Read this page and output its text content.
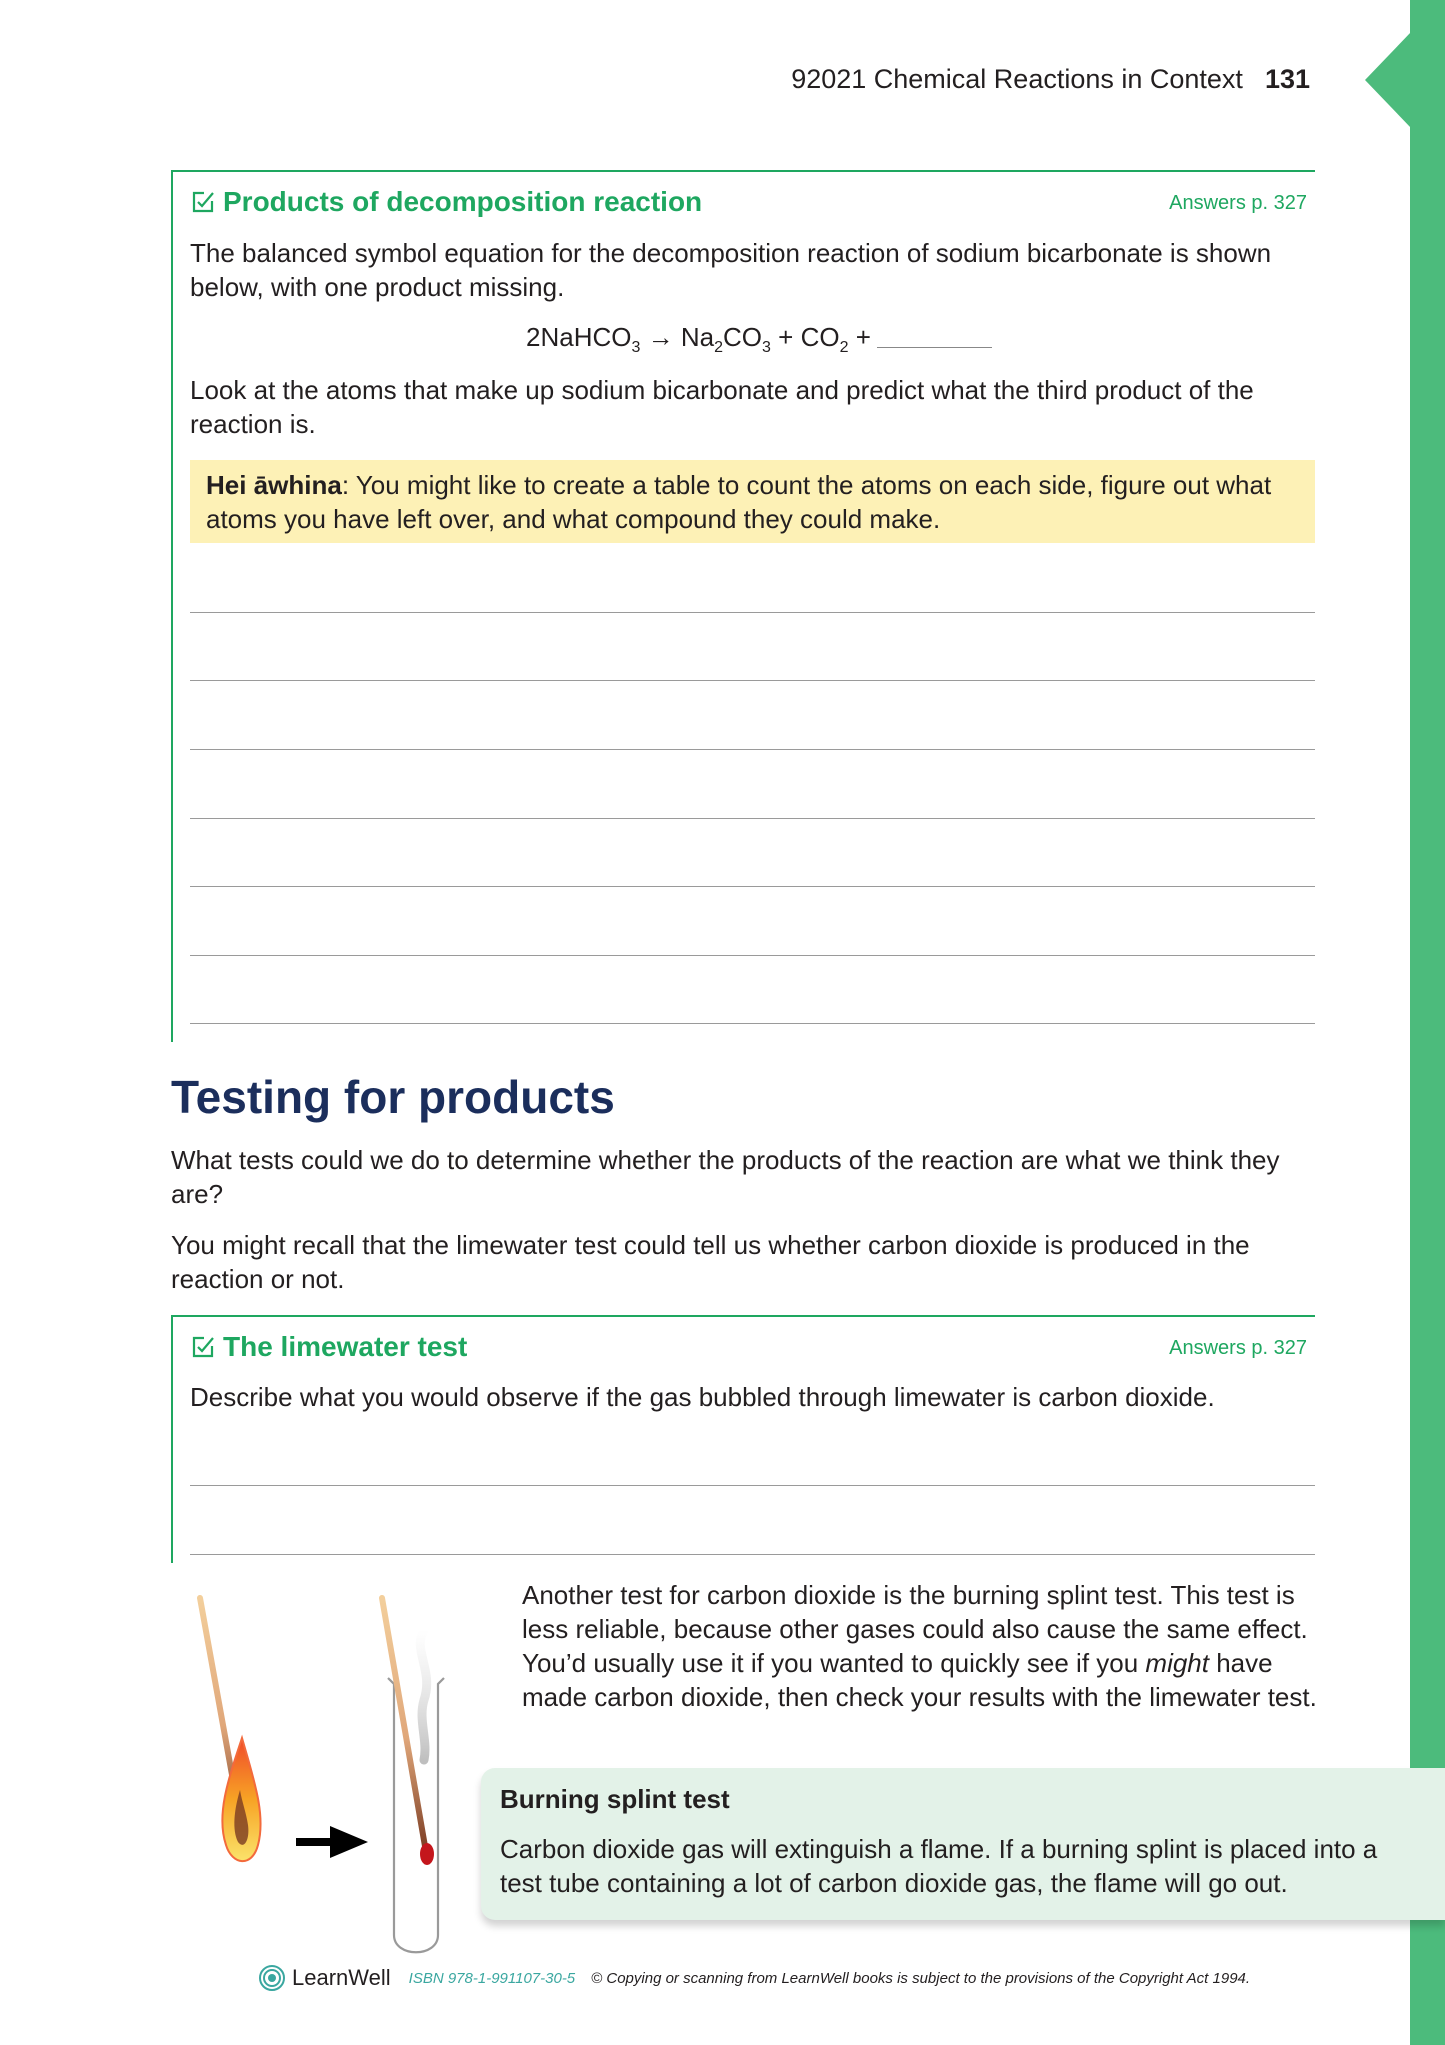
92021 Chemical Reactions in Context 131
Products of decomposition reaction	Answers p. 327

The balanced symbol equation for the decomposition reaction of sodium bicarbonate is shown below, with one product missing.

2NaHCO$_3$ → $Na_2CO_3 + CO_2$ +

Look at the atoms that make up sodium bicarbonate and predict what the third product of the reaction is.

Hei āwhina: You might like to create a table to count the atoms on each side, figure out what atoms you have left over, and what compound they could make.
Testing for products

What tests could we do to determine whether the products of the reaction are what we think they are?

You might recall that the limewater test could tell us whether carbon dioxide is produced in the reaction or not.

The limewater test	Answers p. 327

Describe what you would observe if the gas bubbled through limewater is carbon dioxide.

Another test for carbon dioxide is the burning splint test. This test is less reliable, because other gases could also cause the same effect. You’d usually use it if you wanted to quickly see if you might have made carbon dioxide, then check your results with the limewater test.

Burning splint test
Carbon dioxide gas will extinguish a flame. If a burning splint is placed into a test tube containing a lot of carbon dioxide gas, the flame will go out.
LearnWell ISBN 978-1-991107-30-5 © Copying or scanning from LearnWell books is subject to the provisions of the Copyright Act 1994.
